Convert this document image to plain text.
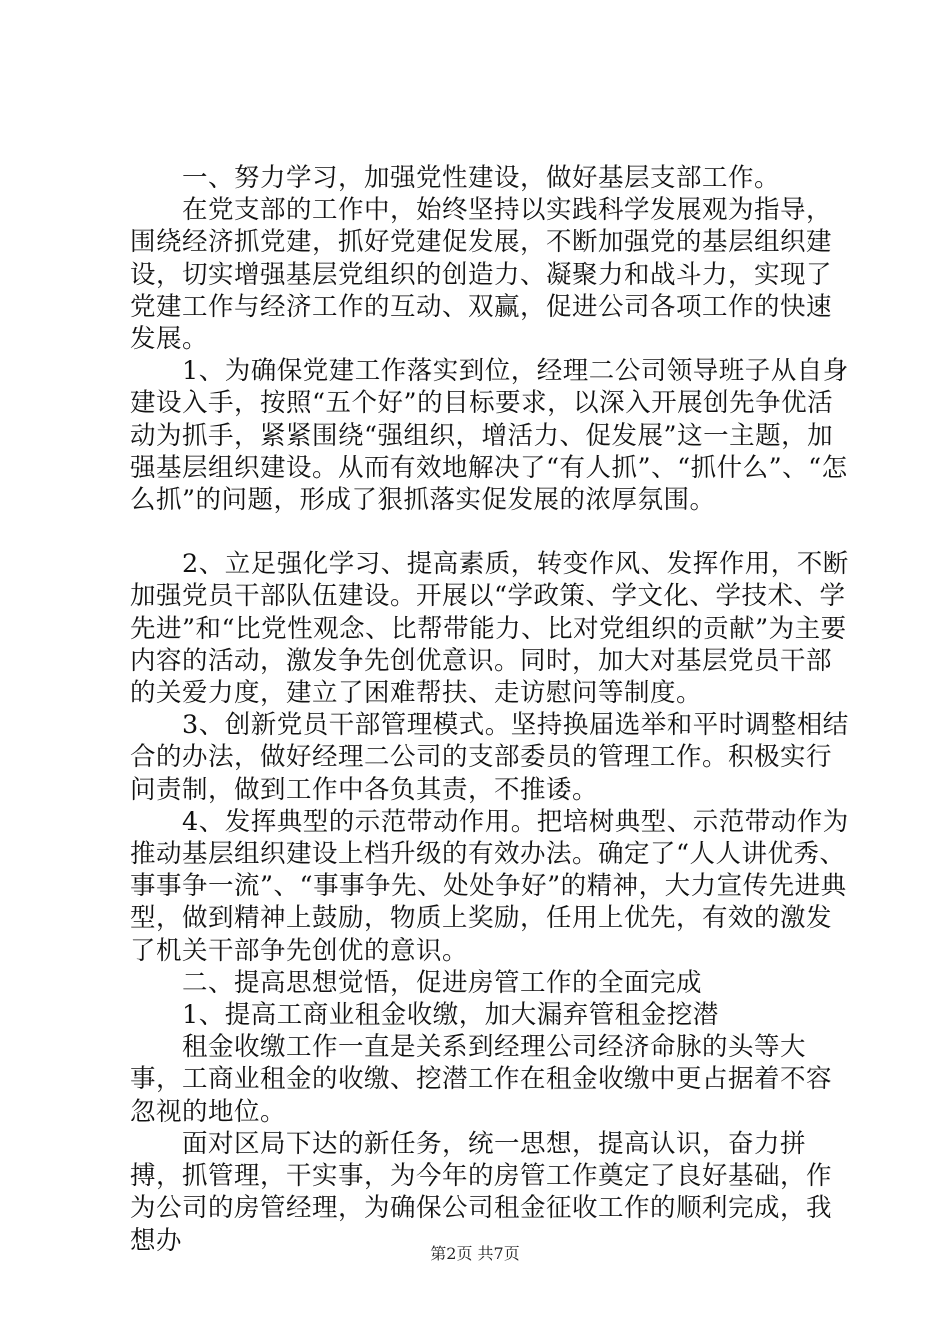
一、努力学习，加强党性建设，做好基层支部工作。

在党支部的工作中，始终坚持以实践科学发展观为指导，围绕经济抓党建，抓好党建促发展，不断加强党的基层组织建设，切实增强基层党组织的创造力、凝聚力和战斗力，实现了党建工作与经济工作的互动、双赢，促进公司各项工作的快速发展。

1、为确保党建工作落实到位，经理二公司领导班子从自身建设入手，按照“五个好”的目标要求，以深入开展创先争优活动为抓手，紧紧围绕“强组织，增活力、促发展”这一主题，加强基层组织建设。从而有效地解决了“有人抓”、“抓什么”、“怎么抓”的问题，形成了狠抓落实促发展的浓厚氛围。

2、立足强化学习、提高素质，转变作风、发挥作用，不断加强党员干部队伍建设。开展以“学政策、学文化、学技术、学先进”和“比党性观念、比帮带能力、比对党组织的贡献”为主要内容的活动，激发争先创优意识。同时，加大对基层党员干部的关爱力度，建立了困难帮扶、走访慰问等制度。

3、创新党员干部管理模式。坚持换届选举和平时调整相结合的办法，做好经理二公司的支部委员的管理工作。积极实行问责制，做到工作中各负其责，不推诿。

4、发挥典型的示范带动作用。把培树典型、示范带动作为推动基层组织建设上档升级的有效办法。确定了“人人讲优秀、事事争一流”、“事事争先、处处争好”的精神，大力宣传先进典型，做到精神上鼓励，物质上奖励，任用上优先，有效的激发了机关干部争先创优的意识。

二、提高思想觉悟，促进房管工作的全面完成

1、提高工商业租金收缴，加大漏弃管租金挖潜

租金收缴工作一直是关系到经理公司经济命脉的头等大事，工商业租金的收缴、挖潜工作在租金收缴中更占据着不容忽视的地位。

面对区局下达的新任务，统一思想，提高认识，奋力拼搏，抓管理，干实事，为今年的房管工作奠定了良好基础，作为公司的房管经理，为确保公司租金征收工作的顺利完成，我想办	第2页 共7页
